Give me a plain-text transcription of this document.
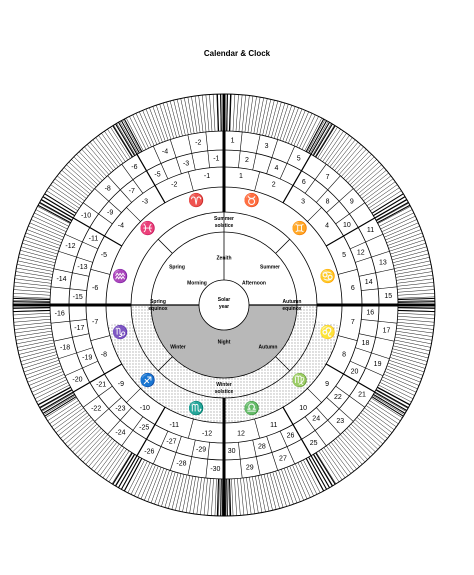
Calendar & Clock
1
2
3
4
5
6
7
8	9
10
11
12
13
14
15
16
17
18
19
20
21
22
23
24
25
26
27
28
29
30
-30
-29
-28
-27
-26
-25
-24
-23
-22
-21
-20
-19
-18
-17
-16
-15
-14
-13
-12
-11
-10 -9
-8	-7
-6
-5
-4
-3
-2
-1
1
2
3
4
5
6
7
8
9
10
11
12
-12
-11
-10
-9
-8
-7
-6
-5
-4
-3
-2
-1
♉
♊
♋
♌
♍
♎
♏
♐
♑
♒
♓
♈
Summer
solstice
Winter
solstice
Spring
equinox
Autumn
equinox
Spring	Summer
Autumn
Winter
Zenith
Morning	Afternoon
Night
Solar
year
